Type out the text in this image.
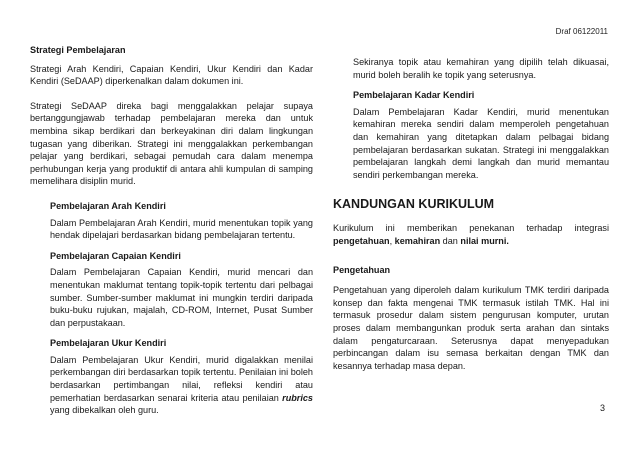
Draf 06122011

Strategi Pembelajaran

Strategi Arah Kendiri, Capaian Kendiri, Ukur Kendiri dan Kadar Kendiri (SeDAAP) diperkenalkan dalam dokumen ini.

Strategi SeDAAP direka bagi menggalakkan pelajar supaya bertanggungjawab terhadap pembelajaran mereka dan untuk membina sikap berdikari dan berkeyakinan diri dalam lingkungan tugasan yang diberikan. Strategi ini menggalakkan perkembangan pelajar yang berdikari, sebagai pemudah cara dalam menempa perhubungan kerja yang produktif di antara ahli kumpulan di samping memelihara disiplin murid.

Pembelajaran Arah Kendiri

Dalam Pembelajaran Arah Kendiri, murid menentukan topik yang hendak dipelajari berdasarkan bidang pembelajaran tertentu.

Pembelajaran Capaian Kendiri

Dalam Pembelajaran Capaian Kendiri, murid mencari dan menentukan maklumat tentang topik-topik tertentu dari pelbagai sumber. Sumber-sumber maklumat ini mungkin terdiri daripada buku-buku rujukan, majalah, CD-ROM, Internet, Pusat Sumber dan perpustakaan.

Pembelajaran Ukur Kendiri

Dalam Pembelajaran Ukur Kendiri, murid digalakkan menilai perkembangan diri berdasarkan topik tertentu. Penilaian ini boleh berdasarkan pertimbangan nilai, refleksi kendiri atau pemerhatian berdasarkan senarai kriteria atau penilaian rubrics yang dibekalkan oleh guru.

Sekiranya topik atau kemahiran yang dipilih telah dikuasai, murid boleh beralih ke topik yang seterusnya.

Pembelajaran Kadar Kendiri

Dalam Pembelajaran Kadar Kendiri, murid menentukan kemahiran mereka sendiri dalam memperoleh pengetahuan dan kemahiran yang ditetapkan dalam pelbagai bidang pembelajaran berdasarkan sukatan. Strategi ini menggalakkan pembelajaran langkah demi langkah dan murid memantau sendiri perkembangan mereka.

KANDUNGAN KURIKULUM

Kurikulum ini memberikan penekanan terhadap integrasi pengetahuan, kemahiran dan nilai murni.

Pengetahuan

Pengetahuan yang diperoleh dalam kurikulum TMK terdiri daripada konsep dan fakta mengenai TMK termasuk istilah TMK. Hal ini termasuk prosedur dalam sistem pengurusan komputer, urutan proses dalam membangunkan produk serta arahan dan sintaks dalam pengaturcaraan. Seterusnya dapat menyepadukan perbincangan dalam isu semasa berkaitan dengan TMK dan kesannya terhadap masa depan.

3
